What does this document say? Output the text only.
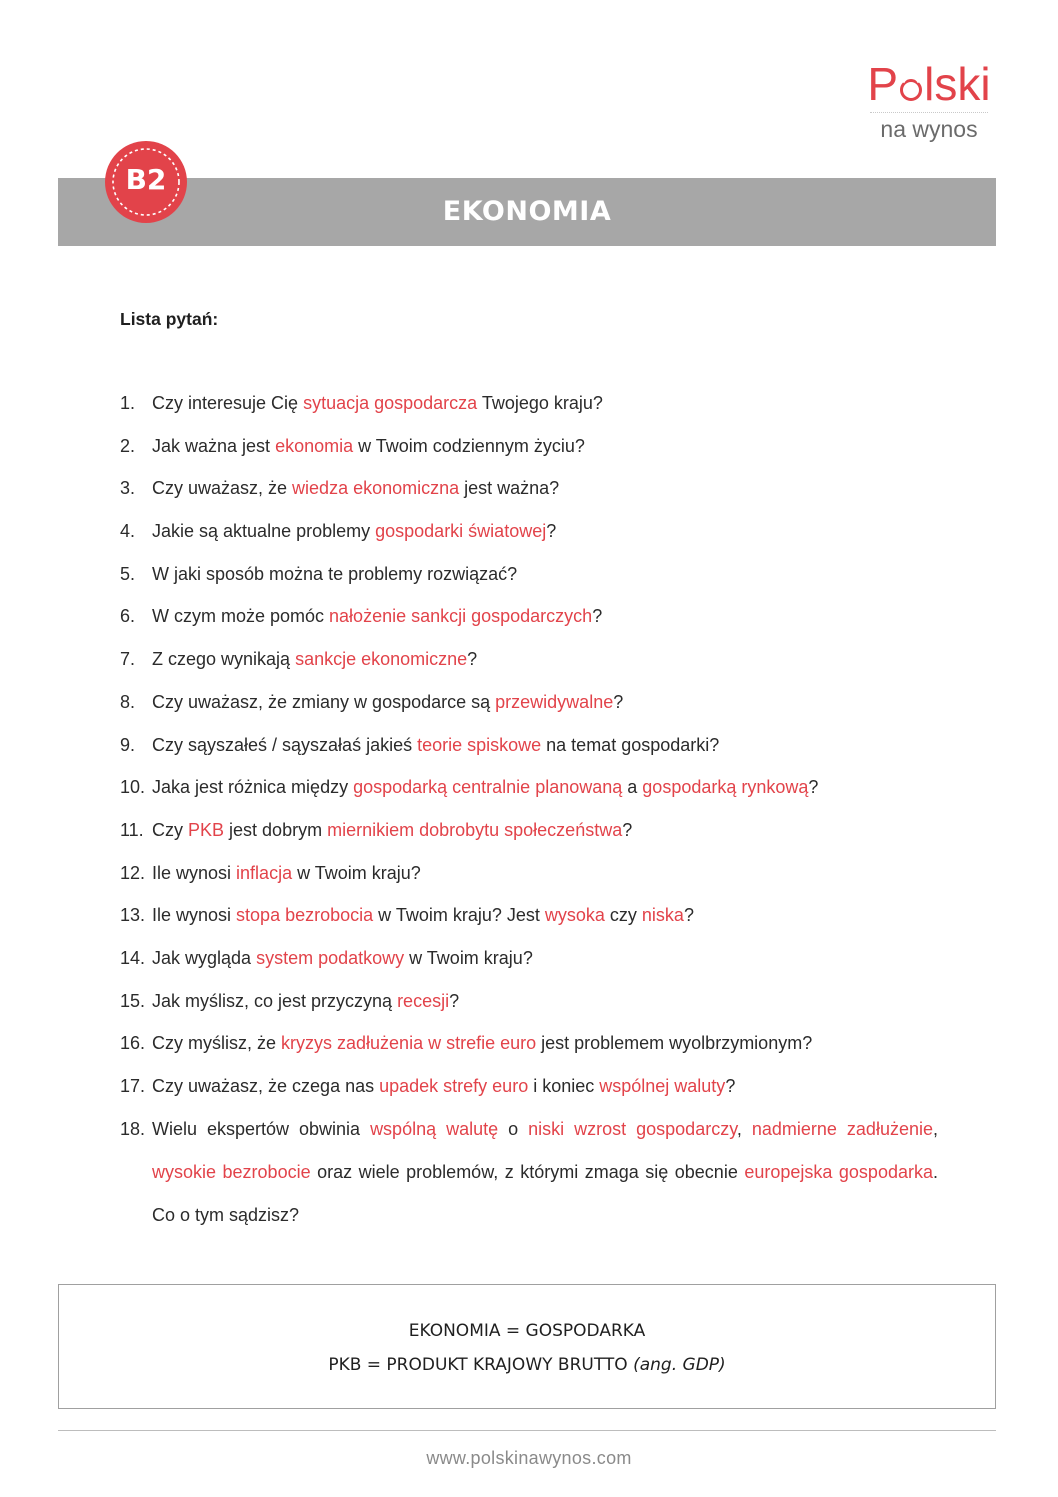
P lski
na wynos
EKONOMIA
B2
Lista pytań:
1. Czy interesuje Cię sytuacja gospodarcza Twojego kraju?
2. Jak ważna jest ekonomia w Twoim codziennym życiu?
3. Czy uważasz, że wiedza ekonomiczna jest ważna?
4. Jakie są aktualne problemy gospodarki światowej?
5. W jaki sposób można te problemy rozwiązać?
6. W czym może pomóc nałożenie sankcji gospodarczych?
7. Z czego wynikają sankcje ekonomiczne?
8. Czy uważasz, że zmiany w gospodarce są przewidywalne?
9. Czy sąyszałeś / sąyszałaś jakieś teorie spiskowe na temat gospodarki?
10. Jaka jest różnica między gospodarką centralnie planowaną a gospodarką rynkową?
11. Czy PKB jest dobrym miernikiem dobrobytu społeczeństwa?
12. Ile wynosi inflacja w Twoim kraju?
13. Ile wynosi stopa bezrobocia w Twoim kraju? Jest wysoka czy niska?
14. Jak wygląda system podatkowy w Twoim kraju?
15. Jak myślisz, co jest przyczyną recesji?
16. Czy myślisz, że kryzys zadłużenia w strefie euro jest problemem wyolbrzymionym?
17. Czy uważasz, że czega nas upadek strefy euro i koniec wspólnej waluty?
18. Wielu ekspertów obwinia wspólną walutę o niski wzrost gospodarczy, nadmierne zadłużenie, wysokie bezrobocie oraz wiele problemów, z którymi zmaga się obecnie europejska gospodarka. Co o tym sądzisz?
EKONOMIA = GOSPODARKA
PKB = PRODUKT KRAJOWY BRUTTO (ang. GDP)
www.polskinawynos.com
